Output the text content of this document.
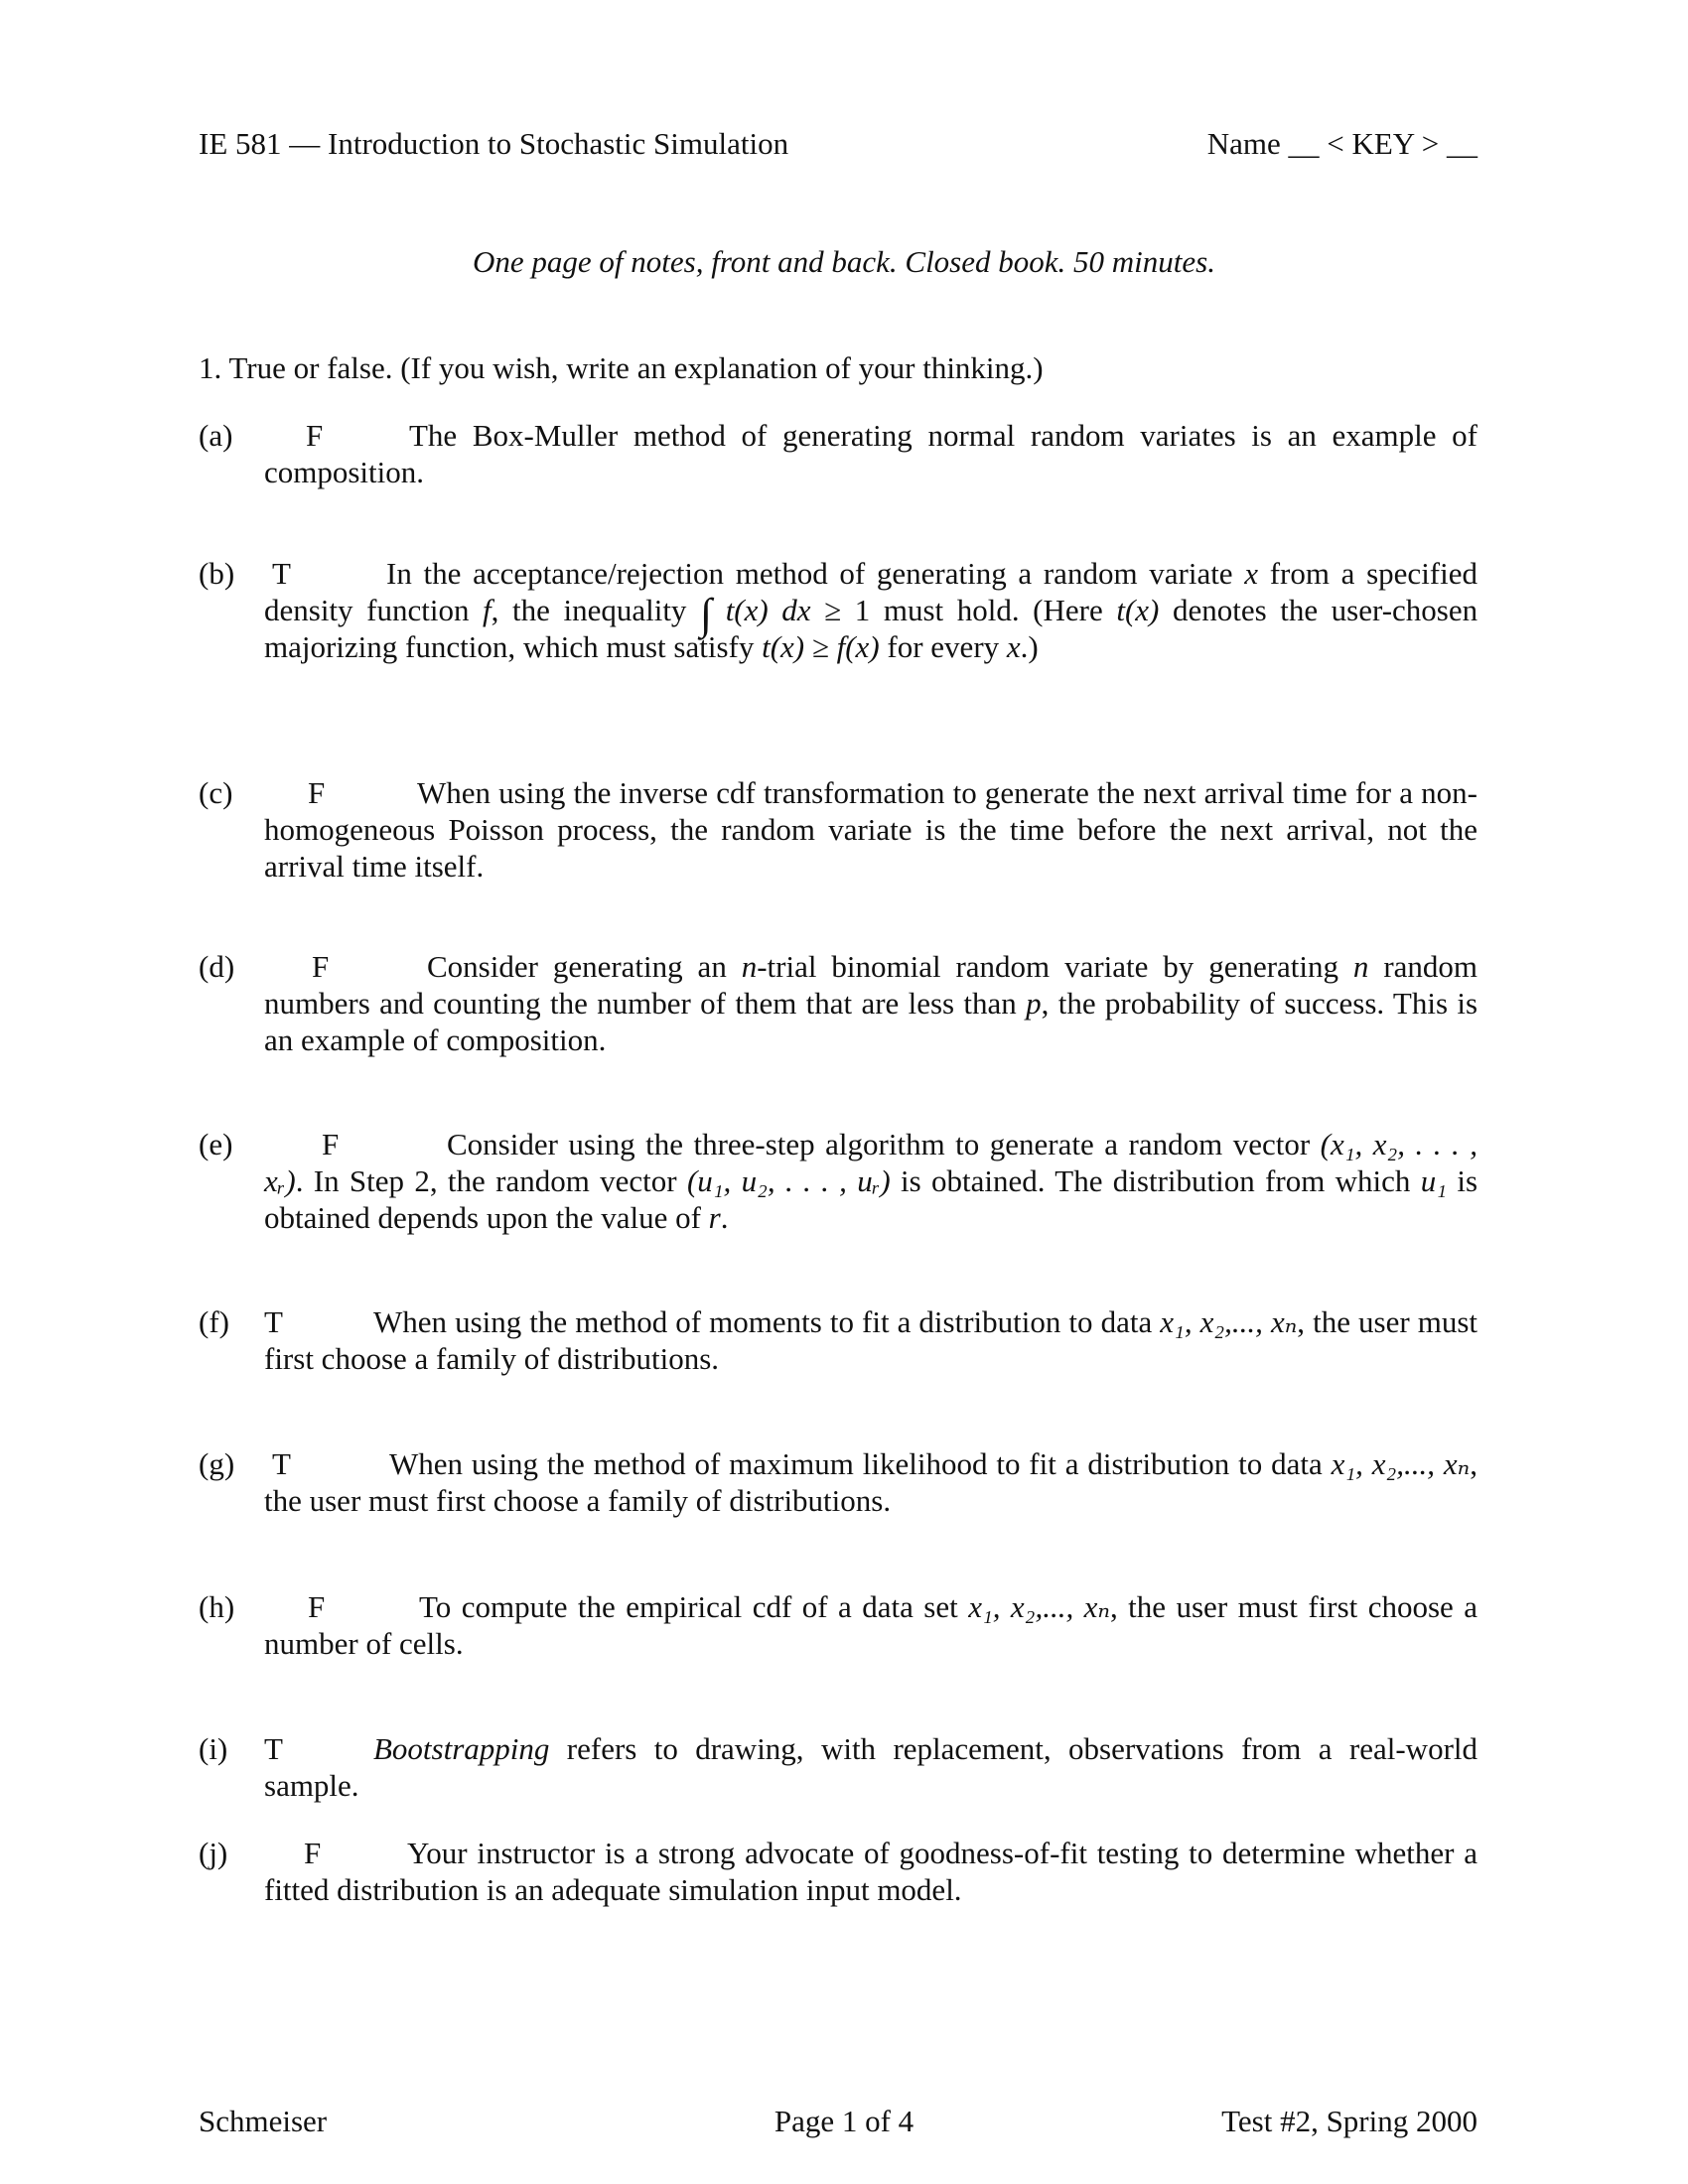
IE 581 — Introduction to Stochastic Simulation	Name __ < KEY > __
One page of notes, front and back. Closed book. 50 minutes.
1. True or false. (If you wish, write an explanation of your thinking.)
(a) F	The Box-Muller method of generating normal random variates is an example of composition.
(b) T	In the acceptance/rejection method of generating a random variate x from a specified density function f, the inequality ∫ t(x) dx ≥ 1 must hold. (Here t(x) denotes the user-chosen majorizing function, which must satisfy t(x) ≥ f(x) for every x.)
(c) F	When using the inverse cdf transformation to generate the next arrival time for a non-homogeneous Poisson process, the random variate is the time before the next arrival, not the arrival time itself.
(d)	F	Consider generating an n-trial binomial random variate by generating n random numbers and counting the number of them that are less than p, the probability of success. This is an example of composition.
(e)	F	Consider using the three-step algorithm to generate a random vector (x₁, x₂, . . . , xᵣ). In Step 2, the random vector (u₁, u₂, . . . , uᵣ) is obtained. The distribution from which u₁ is obtained depends upon the value of r.
(f) T	When using the method of moments to fit a distribution to data x₁, x₂,..., xₙ, the user must first choose a family of distributions.
(g) T	When using the method of maximum likelihood to fit a distribution to data x₁, x₂,..., xₙ, the user must first choose a family of distributions.
(h) F	To compute the empirical cdf of a data set x₁, x₂,..., xₙ, the user must first choose a number of cells.
(i) T	Bootstrapping refers to drawing, with replacement, observations from a real-world sample.
(j) F	Your instructor is a strong advocate of goodness-of-fit testing to determine whether a fitted distribution is an adequate simulation input model.
Schmeiser	Page 1 of 4	Test #2, Spring 2000
